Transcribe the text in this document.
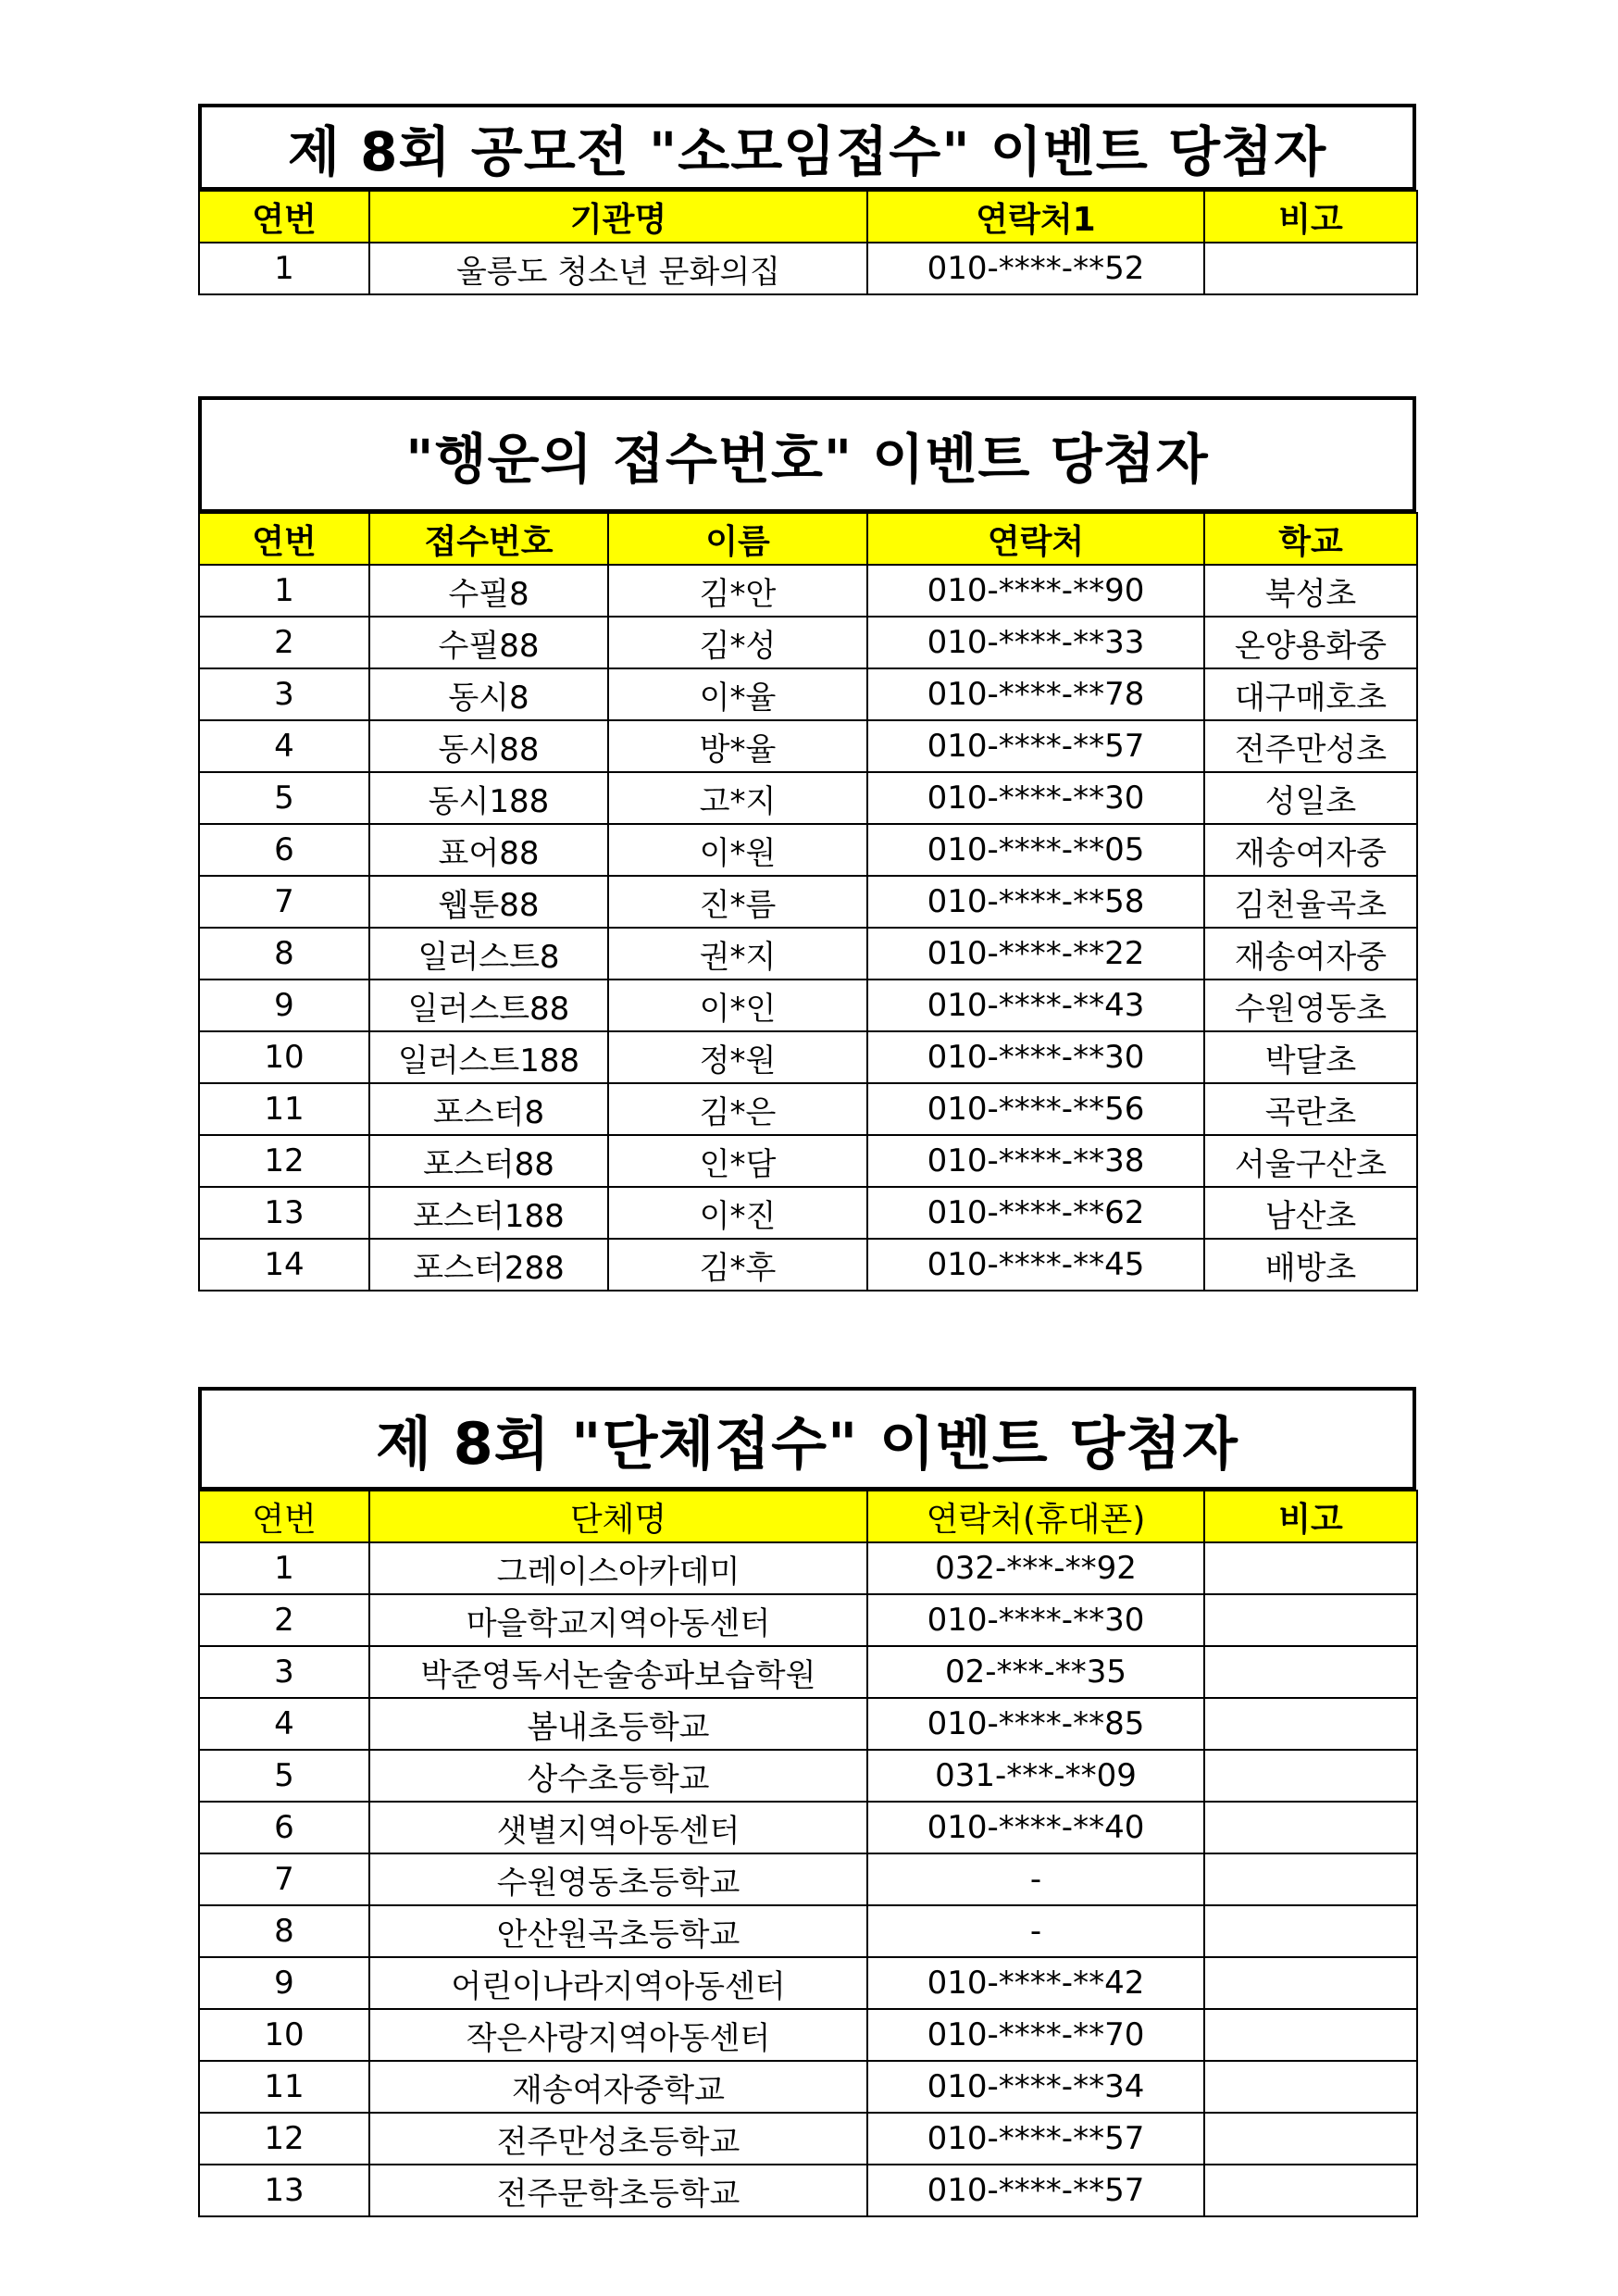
제 8회 공모전 "소모임접수" 이벤트 당첨자
연번	기관명	연락처1	비고
1	울릉도 청소년 문화의집	010-****-**52	
"행운의 접수번호" 이벤트 당첨자
연번	접수번호	이름	연락처	학교
1	수필8	김*안	010-****-**90	북성초
2	수필88	김*성	010-****-**33	온양용화중
3	동시8	이*율	010-****-**78	대구매호초
4	동시88	방*율	010-****-**57	전주만성초
5	동시188	고*지	010-****-**30	성일초
6	표어88	이*원	010-****-**05	재송여자중
7	웹툰88	진*름	010-****-**58	김천율곡초
8	일러스트8	권*지	010-****-**22	재송여자중
9	일러스트88	이*인	010-****-**43	수원영동초
10	일러스트188	정*원	010-****-**30	박달초
11	포스터8	김*은	010-****-**56	곡란초
12	포스터88	인*담	010-****-**38	서울구산초
13	포스터188	이*진	010-****-**62	남산초
14	포스터288	김*후	010-****-**45	배방초
제 8회 "단체접수" 이벤트 당첨자
연번	단체명	연락처(휴대폰)	비고
1	그레이스아카데미	032-***-**92	
2	마을학교지역아동센터	010-****-**30	
3	박준영독서논술송파보습학원	02-***-**35	
4	봄내초등학교	010-****-**85	
5	상수초등학교	031-***-**09	
6	샛별지역아동센터	010-****-**40	
7	수원영동초등학교	-	
8	안산원곡초등학교	-	
9	어린이나라지역아동센터	010-****-**42	
10	작은사랑지역아동센터	010-****-**70	
11	재송여자중학교	010-****-**34	
12	전주만성초등학교	010-****-**57	
13	전주문학초등학교	010-****-**57	
